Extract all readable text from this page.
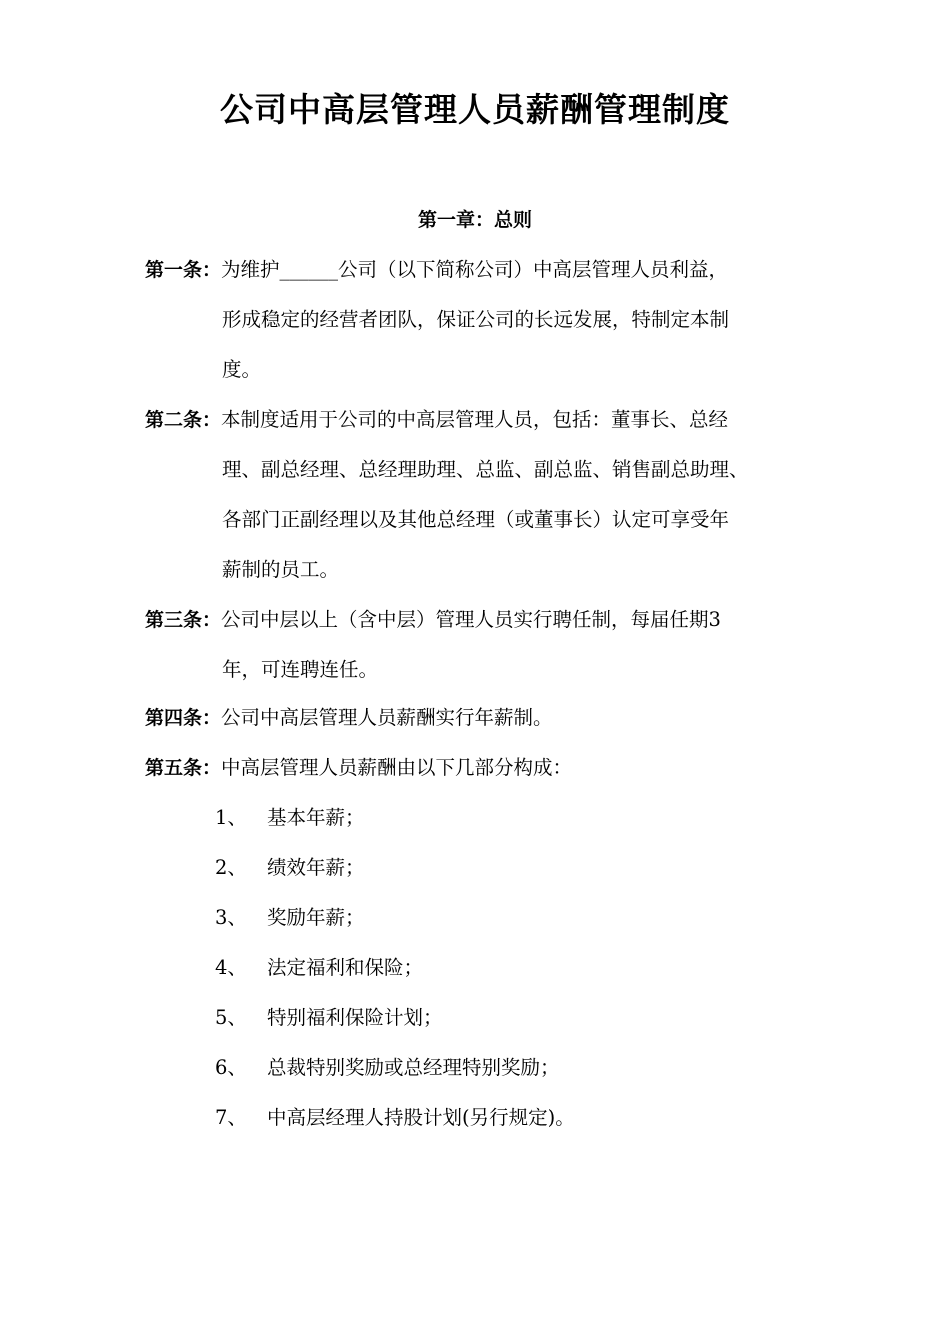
公司中高层管理人员薪酬管理制度
第一章：总则
第一条：为维护______公司（以下简称公司）中高层管理人员利益，
形成稳定的经营者团队，保证公司的长远发展，特制定本制
度。
第二条：本制度适用于公司的中高层管理人员，包括：董事长、总经
理、副总经理、总经理助理、总监、副总监、销售副总助理、
各部门正副经理以及其他总经理（或董事长）认定可享受年
薪制的员工。
第三条：公司中层以上（含中层）管理人员实行聘任制，每届任期3
年，可连聘连任。
第四条：公司中高层管理人员薪酬实行年薪制。
第五条：中高层管理人员薪酬由以下几部分构成：
1、 基本年薪；
2、 绩效年薪；
3、 奖励年薪；
4、 法定福利和保险；
5、 特别福利保险计划；
6、 总裁特别奖励或总经理特别奖励；
7、 中高层经理人持股计划(另行规定)。
